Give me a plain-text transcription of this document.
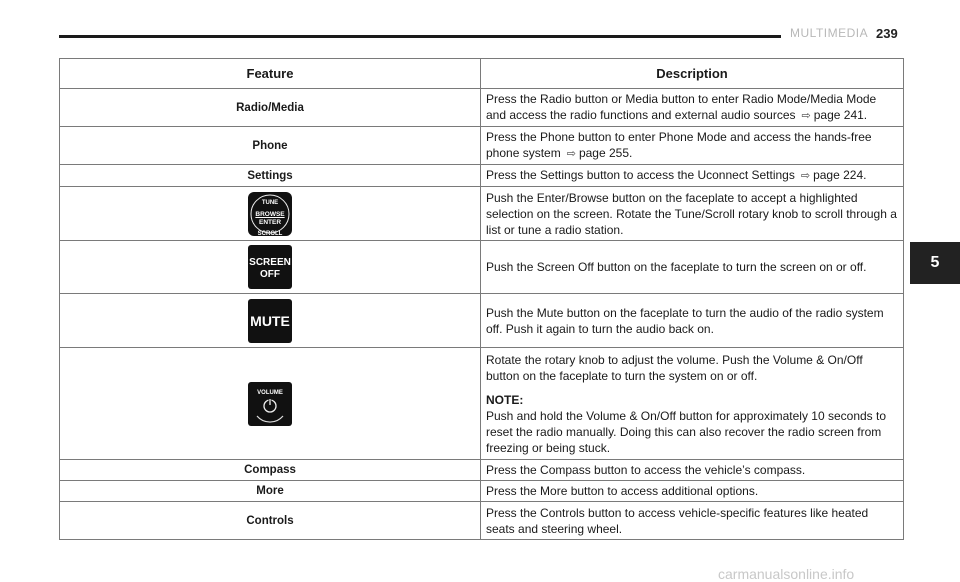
MULTIMEDIA 239
5
Feature	Description
Radio/Media	Press the Radio button or Media button to enter Radio Mode/Media Mode and access the radio functions and external audio sources ⇨ page 241.
Phone	Press the Phone button to enter Phone Mode and access the hands-free phone system ⇨ page 255.
Settings	Press the Settings button to access the Uconnect Settings ⇨ page 224.

TUNE
BROWSE
ENTER
SCROLL	Push the Enter/Browse button on the faceplate to accept a highlighted selection on the screen. Rotate the Tune/Scroll rotary knob to scroll through a list or tune a radio station.

SCREEN
OFF	Push the Screen Off button on the faceplate to turn the screen on or off.

MUTE	Push the Mute button on the faceplate to turn the audio of the radio system off. Push it again to turn the audio back on.

VOLUME	Rotate the rotary knob to adjust the volume. Push the Volume & On/Off button on the faceplate to turn the system on or off.
NOTE:
Push and hold the Volume & On/Off button for approximately 10 seconds to reset the radio manually. Doing this can also recover the radio screen from freezing or being stuck.
Compass	Press the Compass button to access the vehicle’s compass.
More	Press the More button to access additional options.
Controls	Press the Controls button to access vehicle-specific features like heated seats and steering wheel.
carmanualsonline.info
